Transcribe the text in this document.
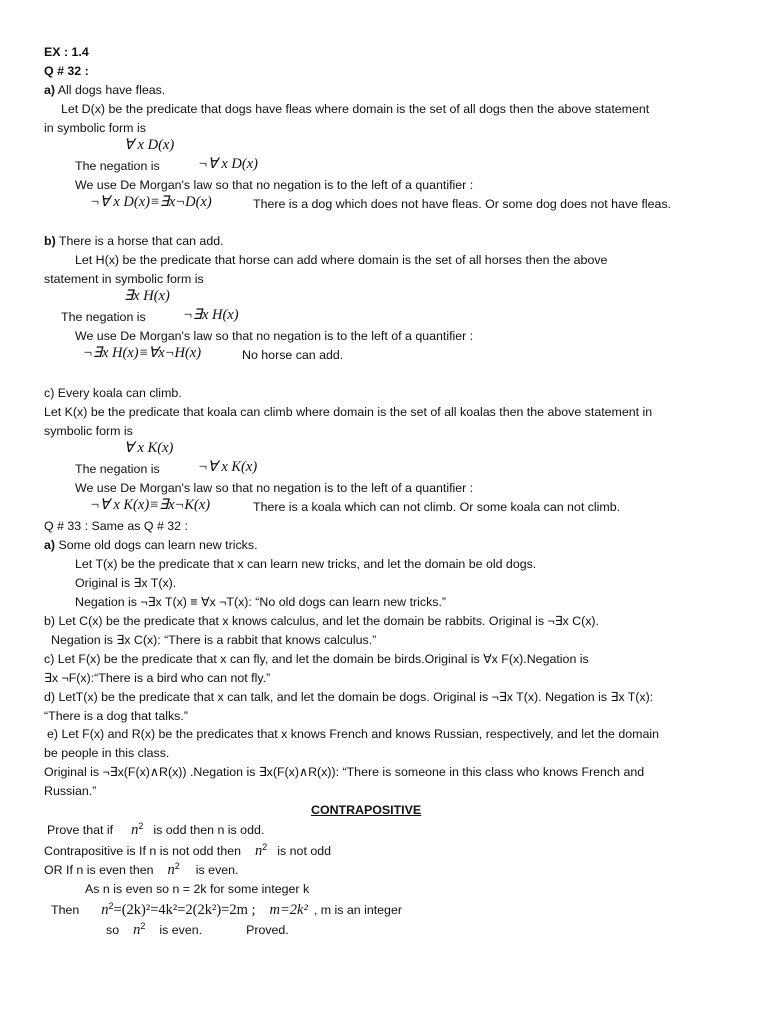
EX : 1.4
Q # 32 :
a) All dogs have fleas.
Let D(x) be the predicate that dogs have fleas where domain is the set of all dogs then the above statement
in symbolic form is
∀ x D(x)
The negation is	¬∀ x D(x)
We use De Morgan's law so that no negation is to the left of a quantifier :
¬∀ x D(x)≡∃x¬D(x)	There is a dog which does not have fleas. Or some dog does not have fleas.
b) There is a horse that can add.
Let H(x) be the predicate that horse can add where domain is the set of all horses then the above
statement in symbolic form is
∃x H(x)
The negation is	¬∃x H(x)
We use De Morgan's law so that no negation is to the left of a quantifier :
¬∃x H(x)≡∀x¬H(x)	No horse can add.
c) Every koala can climb.
Let K(x) be the predicate that koala can climb where domain is the set of all koalas then the above statement in
symbolic form is
∀ x K(x)
The negation is	¬∀ x K(x)
We use De Morgan's law so that no negation is to the left of a quantifier :
¬∀ x K(x)≡∃x¬K(x)	There is a koala which can not climb. Or some koala can not climb.
Q # 33 : Same as Q # 32 :
a) Some old dogs can learn new tricks.
Let T(x) be the predicate that x can learn new tricks, and let the domain be old dogs.
Original is ∃x T(x).
Negation is ¬∃x T(x) ≡ ∀x ¬T(x): “No old dogs can learn new tricks.”
b) Let C(x) be the predicate that x knows calculus, and let the domain be rabbits. Original is ¬∃x C(x).
Negation is ∃x C(x): “There is a rabbit that knows calculus.”
c) Let F(x) be the predicate that x can fly, and let the domain be birds.Original is ∀x F(x).Negation is
∃x ¬F(x):“There is a bird who can not fly.”
d) LetT(x) be the predicate that x can talk, and let the domain be dogs. Original is ¬∃x T(x). Negation is ∃x T(x):
“There is a dog that talks.”
e) Let F(x) and R(x) be the predicates that x knows French and knows Russian, respectively, and let the domain
be people in this class.
Original is ¬∃x(F(x)∧R(x)) .Negation is ∃x(F(x)∧R(x)): “There is someone in this class who knows French and
Russian.”
CONTRAPOSITIVE
Prove that if $n^2$ is odd then n is odd.
Contrapositive is If n is not odd then $n^2$ is not odd
OR If n is even then $n^2$ is even.
As n is even so n = 2k for some integer k
Then $n^2=(2k)^2=4k^2=2(2k^2)=2m$ ; m=2k² , m is an integer
so $n^2$ is even.	Proved.
